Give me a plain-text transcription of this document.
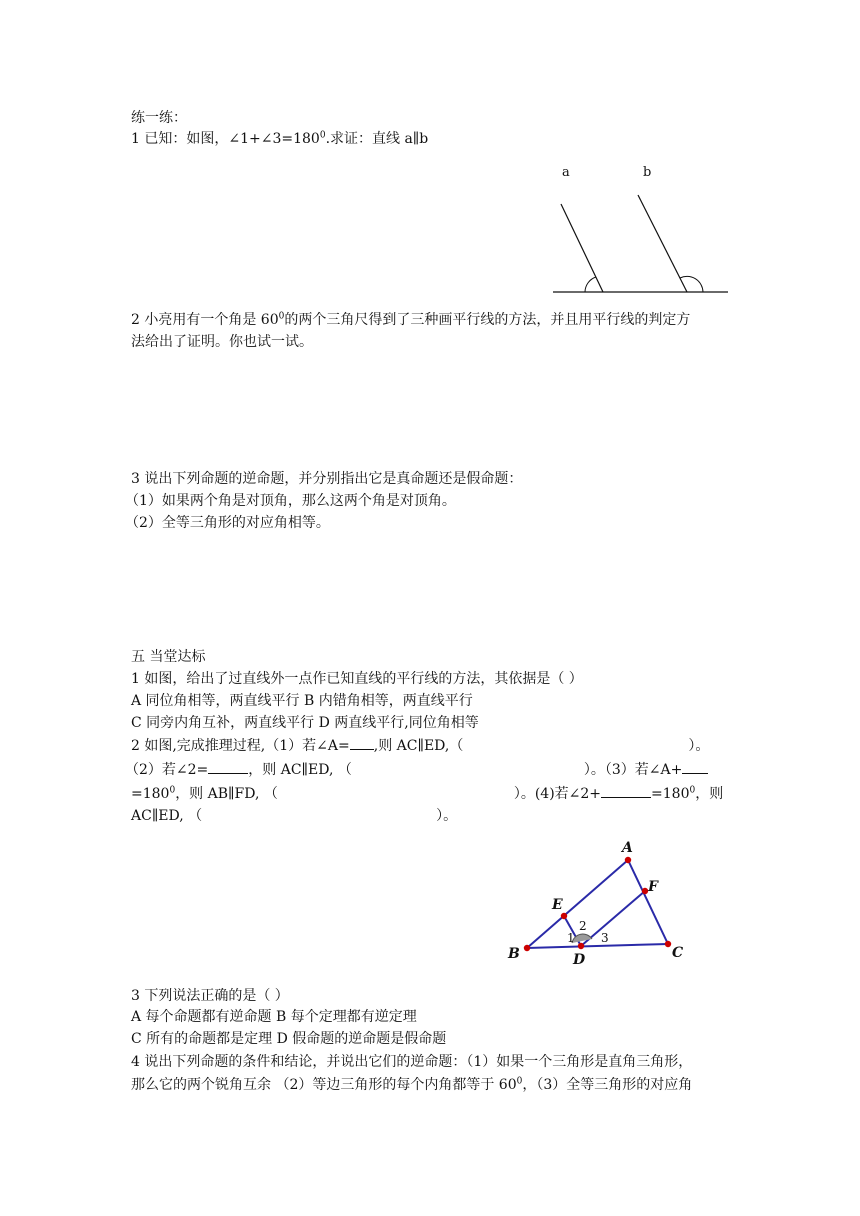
练一练：
1 已知：如图，$\angle 1+\angle 3=180^0$.求证：直线 a∥b
a	b
2 小亮用有一个角是 $60^0$的两个三角尺得到了三种画平行线的方法，并且用平行线的判定方
法给出了证明。你也试一试。
3 说出下列命题的逆命题，并分别指出它是真命题还是假命题：
（1）如果两个角是对顶角，那么这两个角是对顶角。
（2）全等三角形的对应角相等。
五 当堂达标
1 如图，给出了过直线外一点作已知直线的平行线的方法，其依据是（ ）
A 同位角相等，两直线平行 B 内错角相等，两直线平行
C 同旁内角互补，两直线平行 D 两直线平行,同位角相等
2 如图,完成推理过程,（1）若∠A= ,则 AC∥ED,（	）。
（2）若∠2=	，则 AC∥ED, （	）。（3）若∠A+
$=180^0$，则 AB∥FD, （	）。(4)若∠2+	$=180^0$，则
AC∥ED, （	）。
A
B	C
D
E
F
1
2
3
3 下列说法正确的是（ ）
A 每个命题都有逆命题 B 每个定理都有逆定理
C 所有的命题都是定理 D 假命题的逆命题是假命题
4 说出下列命题的条件和结论，并说出它们的逆命题：（1）如果一个三角形是直角三角形，
那么它的两个锐角互余 （2）等边三角形的每个内角都等于 $60^0$，（3）全等三角形的对应角
